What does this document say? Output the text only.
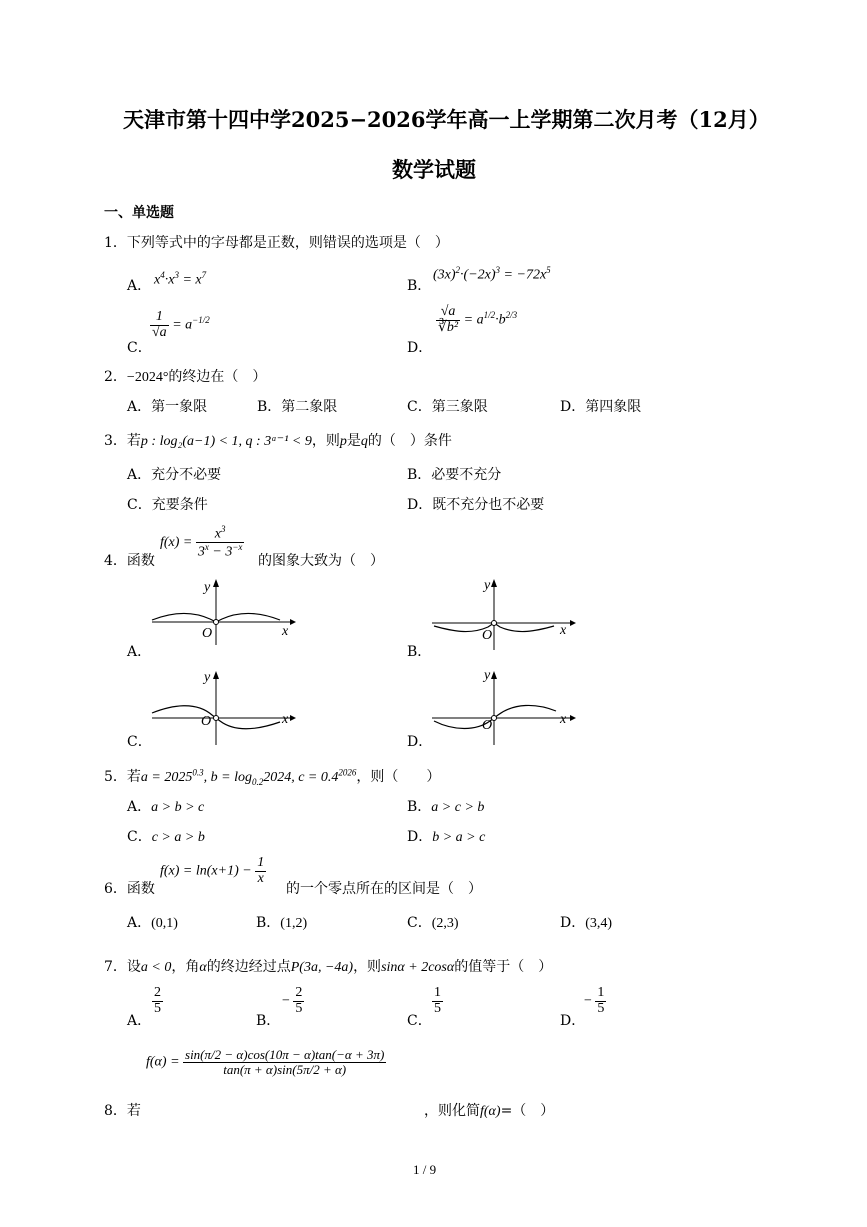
天津市第十四中学2025−2026学年高一上学期第二次月考（12月）
数学试题
一、单选题
1．下列等式中的字母都是正数，则错误的选项是（　）
A． $x^4\cdot x^3 = x^7$
B．
$(3x)^2\cdot(-2x)^3 = -72x^5$
C．
$\frac{1}{√a} = a^{-1/2}$
D．
$\frac{√a}{\text{∛b²}} = a^{1/2}\cdot b^{2/3}$
2．−2024°的终边在（　）
A．第一象限	B．第二象限	C．第三象限	D．第四象限
3．若p : log₂(a−1) < 1, q : 3ᵃ⁻¹ < 9，则p是q的（　）条件
A．充分不必要	B．必要不充分
C．充要条件	D．既不充分也不必要
4．函数
$f(x) = \frac{x^3}{3^x - 3^{-x}}$
的图象大致为（　）
A．	B．
C．	D．
y
O	x
y
O	x
y
O	x
y
O	x
5．若$a = 2025^{0.3}$, $b = \log_{0.2}2024$, $c = 0.4^{2026}$，则（　　）
A．a > b > c	B．a > c > b
C．c > a > b	D．b > a > c
6．函数
$f(x) = \ln(x+1) - \frac{1}{x}$
的一个零点所在的区间是（　）
A．(0,1)	B．(1,2)	C．(2,3)	D．(3,4)
7．设a < 0，角α的终边经过点P(3a, −4a)，则sinα + 2cosα的值等于（　）
A．
$\frac{2}{5}$
B．
− $\frac{2}{5}$
C．
$\frac{1}{5}$
D．
− $\frac{1}{5}$
$f(\alpha) = \frac{\sin(\pi/2 - \alpha)\cos(10\pi - \alpha)\tan(-\alpha + 3\pi)}{\tan(\pi + \alpha)\sin(5\pi/2 + \alpha)}$
8．若	，则化简f(α)=（　）
1 / 9
